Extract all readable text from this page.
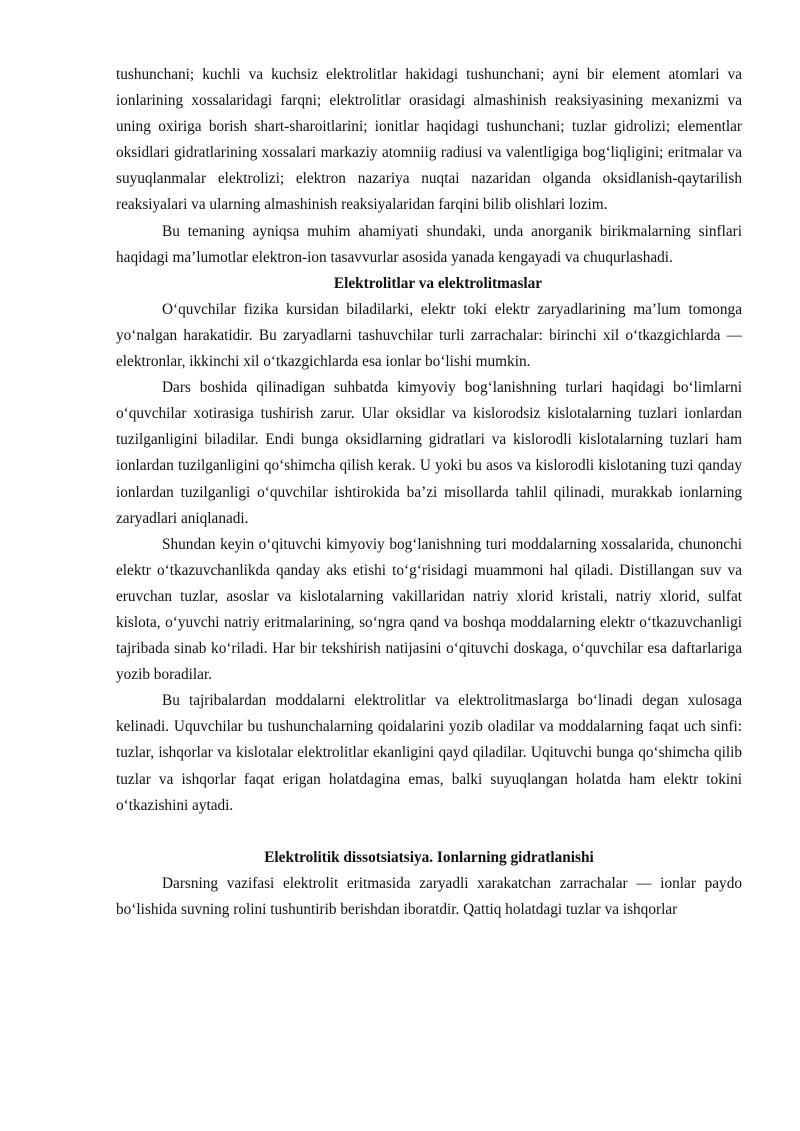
tushunchani; kuchli va kuchsiz elektrolitlar hakidagi tushunchani; ayni bir element atomlari va ionlarining xossalaridagi farqni; elektrolitlar orasidagi almashinish reaksiyasining mexanizmi va uning oxiriga borish shart-sharoitlarini; ionitlar haqidagi tushunchani; tuzlar gidrolizi; elementlar oksidlari gidratlarining xossalari markaziy atomniig radiusi va valentligiga bog‘liqligini; eritmalar va suyuqlanmalar elektrolizi; elektron nazariya nuqtai nazaridan olganda oksidlanish-qaytarilish reaksiyalari va ularning almashinish reaksiyalaridan farqini bilib olishlari lozim.

Bu temaning ayniqsa muhim ahamiyati shundaki, unda anorganik birikmalarning sinflari haqidagi ma’lumotlar elektron-ion tasavvurlar asosida yanada kengayadi va chuqurlashadi.

Elektrolitlar va elektrolitmaslar

O‘quvchilar fizika kursidan biladilarki, elektr toki elektr zaryadlarining ma’lum tomonga yo‘nalgan harakatidir. Bu zaryadlarni tashuvchilar turli zarrachalar: birinchi xil o‘tkazgichlarda — elektronlar, ikkinchi xil o‘tkazgichlarda esa ionlar bo‘lishi mumkin.

Dars boshida qilinadigan suhbatda kimyoviy bog‘lanishning turlari haqidagi bo‘limlarni o‘quvchilar xotirasiga tushirish zarur. Ular oksidlar va kislorodsiz kislotalarning tuzlari ionlardan tuzilganligini biladilar. Endi bunga oksidlarning gidratlari va kislorodli kislotalarning tuzlari ham ionlardan tuzilganligini qo‘shimcha qilish kerak. U yoki bu asos va kislorodli kislotaning tuzi qanday ionlardan tuzilganligi o‘quvchilar ishtirokida ba’zi misollarda tahlil qilinadi, murakkab ionlarning zaryadlari aniqlanadi.

Shundan keyin o‘qituvchi kimyoviy bog‘lanishning turi moddalarning xossalarida, chunonchi elektr o‘tkazuvchanlikda qanday aks etishi to‘g‘risidagi muammoni hal qiladi. Distillangan suv va eruvchan tuzlar, asoslar va kislotalarning vakillaridan natriy xlorid kristali, natriy xlorid, sulfat kislota, o‘yuvchi natriy eritmalarining, so‘ngra qand va boshqa moddalarning elektr o‘tkazuvchanligi tajribada sinab ko‘riladi. Har bir tekshirish natijasini o‘qituvchi doskaga, o‘quvchilar esa daftarlariga yozib boradilar.

Bu tajribalardan moddalarni elektrolitlar va elektrolitmaslarga bo‘linadi degan xulosaga kelinadi. Uquvchilar bu tushunchalarning qoidalarini yozib oladilar va moddalarning faqat uch sinfi: tuzlar, ishqorlar va kislotalar elektrolitlar ekanligini qayd qiladilar. Uqituvchi bunga qo‘shimcha qilib tuzlar va ishqorlar faqat erigan holatdagina emas, balki suyuqlangan holatda ham elektr tokini o‘tkazishini aytadi.

Elektrolitik dissotsiatsiya. Ionlarning gidratlanishi

Darsning vazifasi elektrolit eritmasida zaryadli xarakatchan zarrachalar — ionlar paydo bo‘lishida suvning rolini tushuntirib berishdan iboratdir. Qattiq holatdagi tuzlar va ishqorlar
